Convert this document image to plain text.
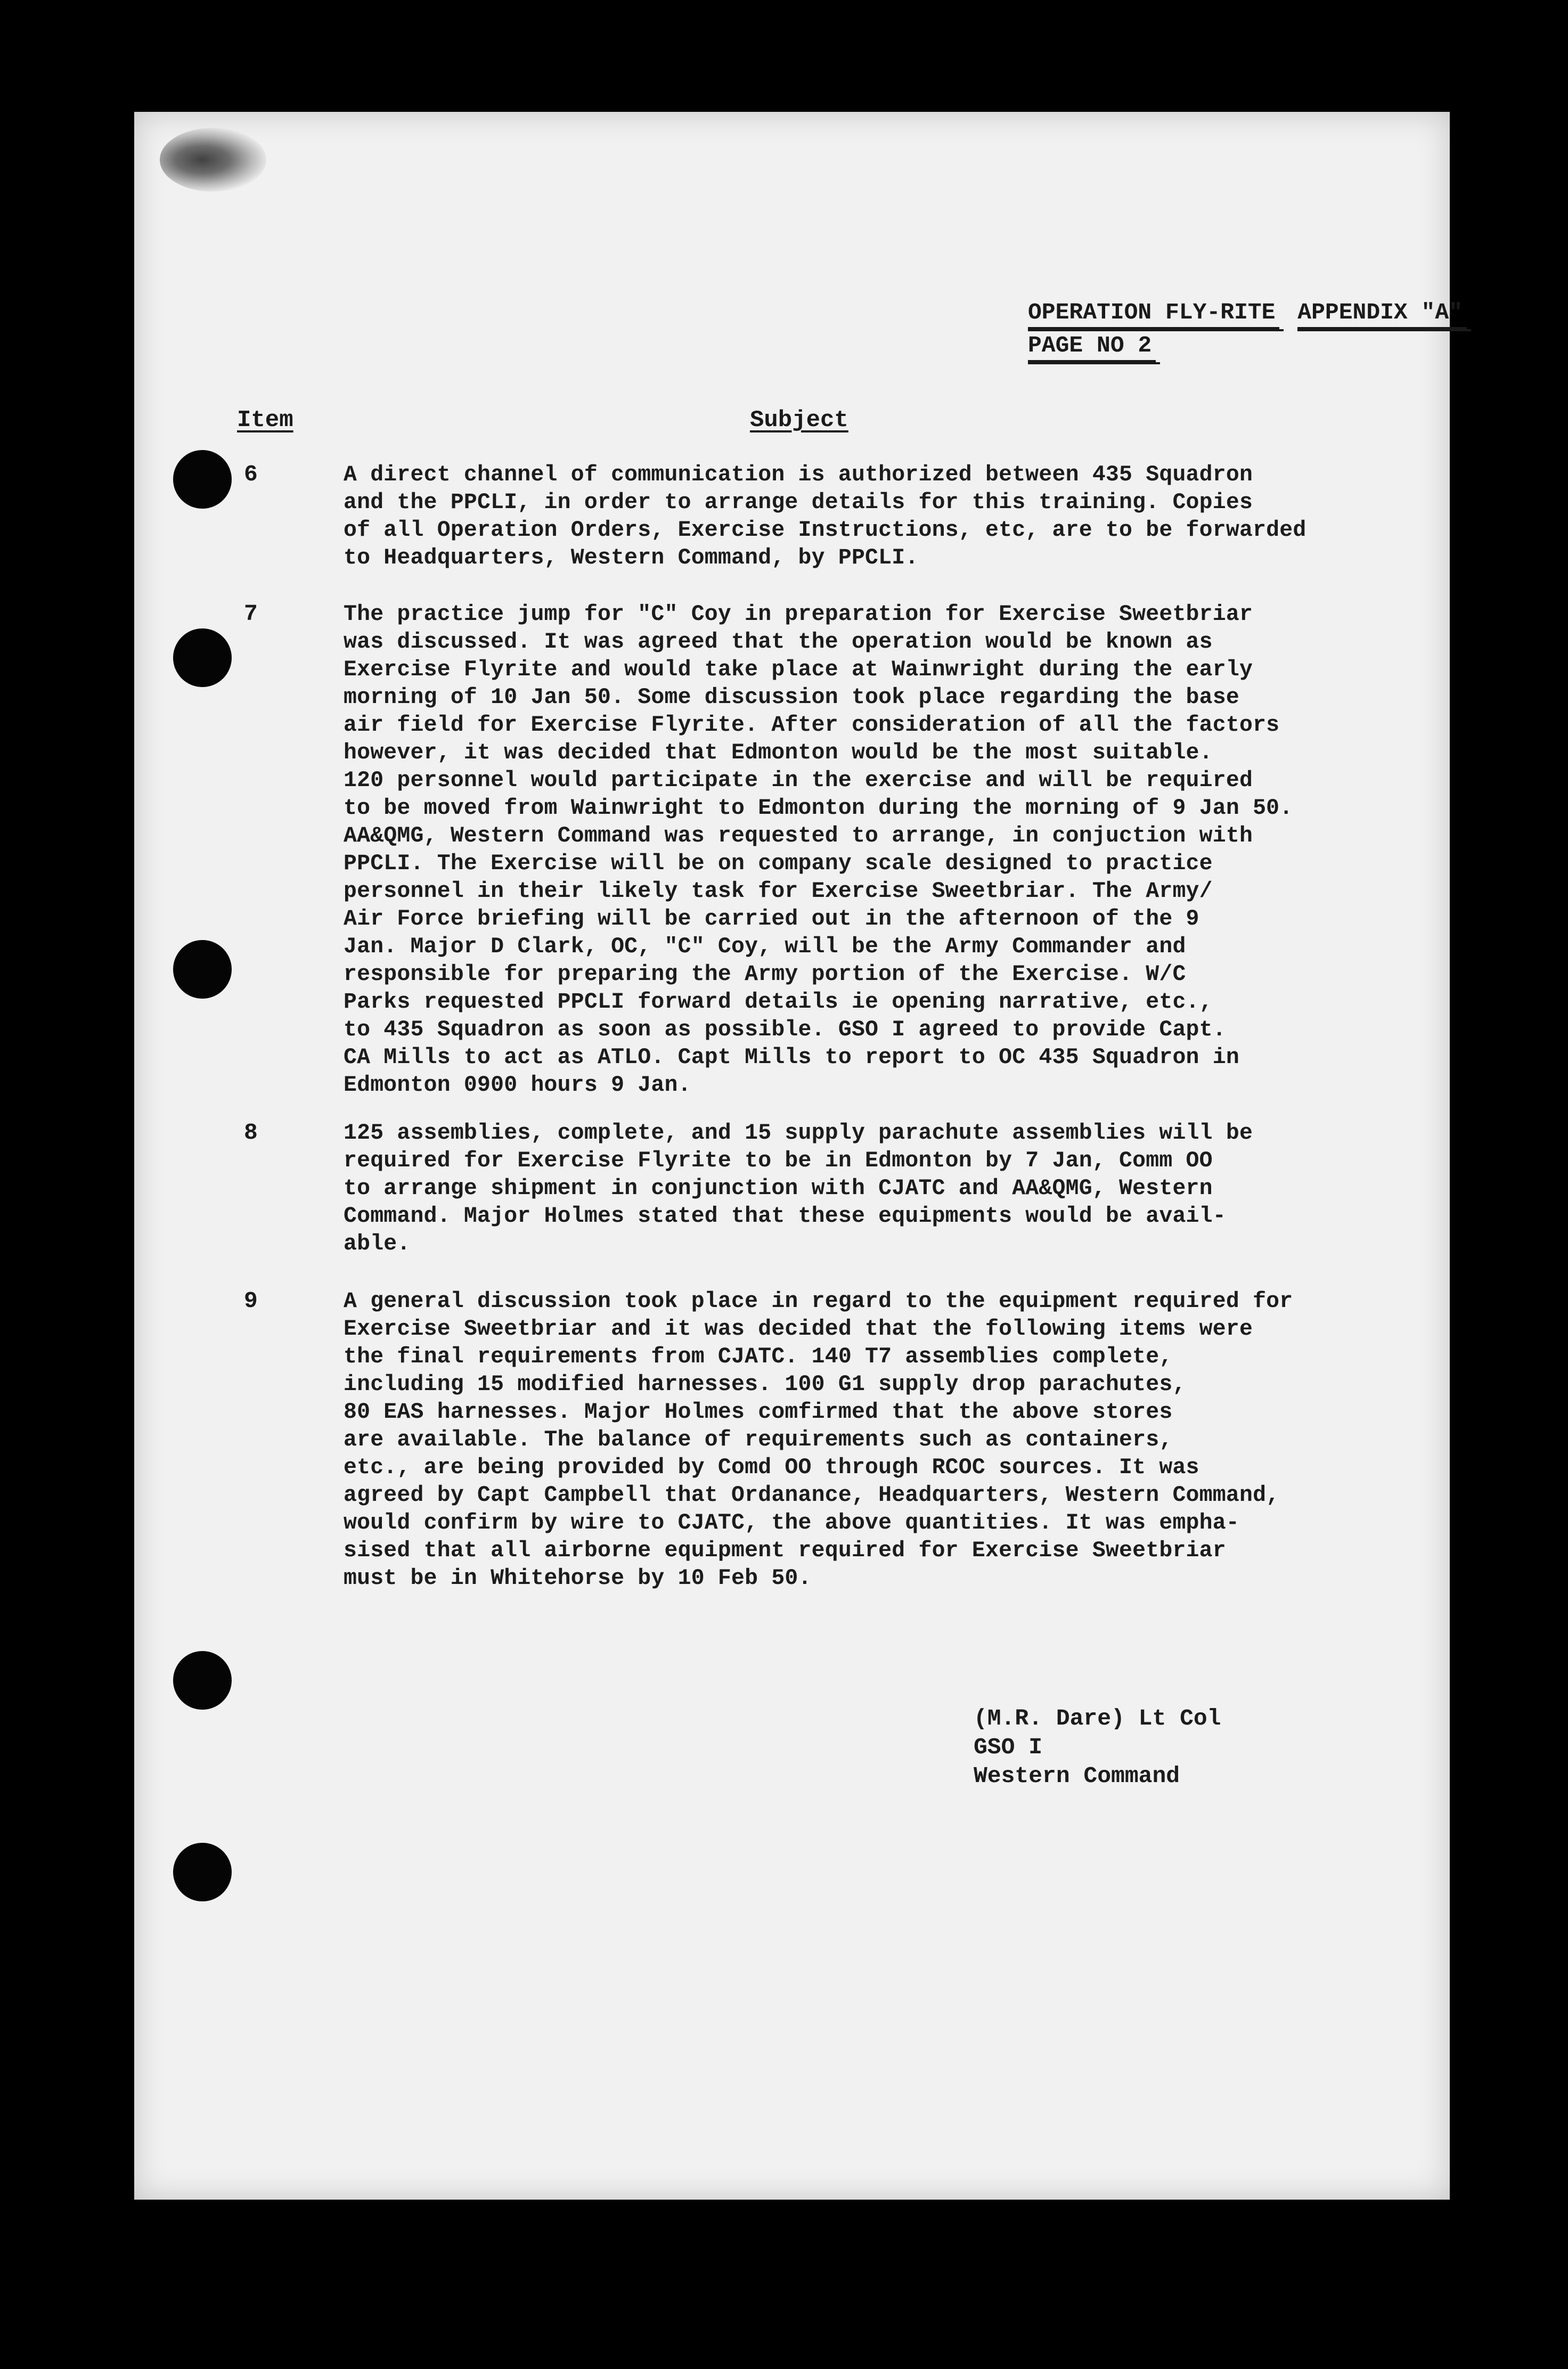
OPERATION FLY-RITE APPENDIX "A" PAGE NO 2
Item	Subject
6	A direct channel of communication is authorized between 435 Squadron
and the PPCLI, in order to arrange details for this training. Copies
of all Operation Orders, Exercise Instructions, etc, are to be forwarded
to Headquarters, Western Command, by PPCLI.
7	The practice jump for "C" Coy in preparation for Exercise Sweetbriar
was discussed. It was agreed that the operation would be known as
Exercise Flyrite and would take place at Wainwright during the early
morning of 10 Jan 50. Some discussion took place regarding the base
air field for Exercise Flyrite. After consideration of all the factors
however, it was decided that Edmonton would be the most suitable.
120 personnel would participate in the exercise and will be required
to be moved from Wainwright to Edmonton during the morning of 9 Jan 50.
AA&QMG, Western Command was requested to arrange, in conjuction with
PPCLI. The Exercise will be on company scale designed to practice
personnel in their likely task for Exercise Sweetbriar. The Army/
Air Force briefing will be carried out in the afternoon of the 9
Jan. Major D Clark, OC, "C" Coy, will be the Army Commander and
responsible for preparing the Army portion of the Exercise. W/C
Parks requested PPCLI forward details ie opening narrative, etc.,
to 435 Squadron as soon as possible. GSO I agreed to provide Capt.
CA Mills to act as ATLO. Capt Mills to report to OC 435 Squadron in
Edmonton 0900 hours 9 Jan.
8	125 assemblies, complete, and 15 supply parachute assemblies will be
required for Exercise Flyrite to be in Edmonton by 7 Jan, Comm OO
to arrange shipment in conjunction with CJATC and AA&QMG, Western
Command. Major Holmes stated that these equipments would be avail-
able.
9	A general discussion took place in regard to the equipment required for
Exercise Sweetbriar and it was decided that the following items were
the final requirements from CJATC. 140 T7 assemblies complete,
including 15 modified harnesses. 100 G1 supply drop parachutes,
80 EAS harnesses. Major Holmes comfirmed that the above stores
are available. The balance of requirements such as containers,
etc., are being provided by Comd OO through RCOC sources. It was
agreed by Capt Campbell that Ordanance, Headquarters, Western Command,
would confirm by wire to CJATC, the above quantities. It was empha-
sised that all airborne equipment required for Exercise Sweetbriar
must be in Whitehorse by 10 Feb 50.
(M.R. Dare) Lt Col
GSO I
Western Command
